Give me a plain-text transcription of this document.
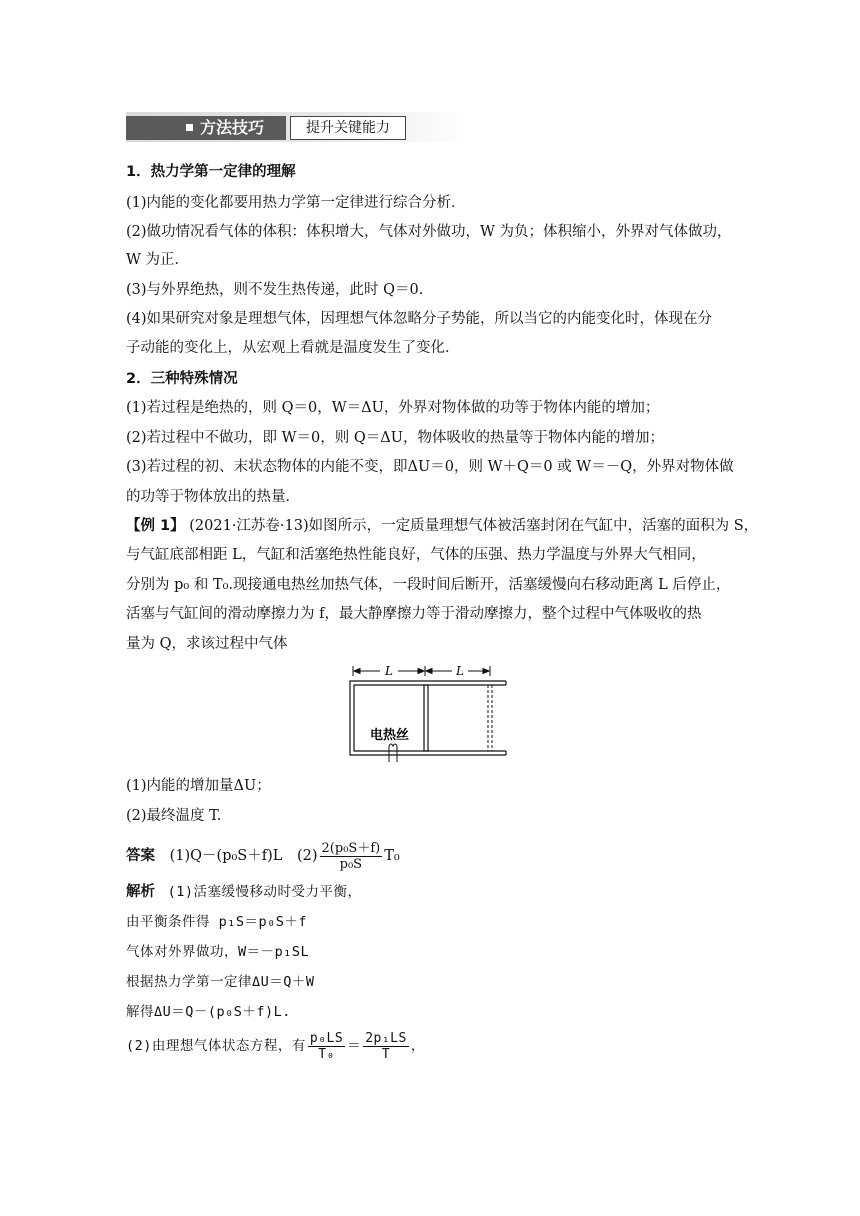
方法技巧	提升关键能力
1．热力学第一定律的理解
(1)内能的变化都要用热力学第一定律进行综合分析．
(2)做功情况看气体的体积：体积增大，气体对外做功，W 为负；体积缩小，外界对气体做功，
W 为正．
(3)与外界绝热，则不发生热传递，此时 Q＝0.
(4)如果研究对象是理想气体，因理想气体忽略分子势能，所以当它的内能变化时，体现在分
子动能的变化上，从宏观上看就是温度发生了变化．
2．三种特殊情况
(1)若过程是绝热的，则 Q＝0，W＝ΔU，外界对物体做的功等于物体内能的增加；
(2)若过程中不做功，即 W＝0，则 Q＝ΔU，物体吸收的热量等于物体内能的增加；
(3)若过程的初、末状态物体的内能不变，即ΔU＝0，则 W＋Q＝0 或 W＝－Q，外界对物体做
的功等于物体放出的热量．
【例 1】 (2021·江苏卷·13)如图所示，一定质量理想气体被活塞封闭在气缸中，活塞的面积为 S，
与气缸底部相距 L，气缸和活塞绝热性能良好，气体的压强、热力学温度与外界大气相同，
分别为 p₀ 和 T₀.现接通电热丝加热气体，一段时间后断开，活塞缓慢向右移动距离 L 后停止，
活塞与气缸间的滑动摩擦力为 f，最大静摩擦力等于滑动摩擦力，整个过程中气体吸收的热
量为 Q，求该过程中气体
L	L
电热丝
(1)内能的增加量ΔU；
(2)最终温度 T.
答案 (1)Q－(p₀S＋f)L $(2) \frac{\text{2(p₀S＋f)}}{\text{p₀S}} T_0$
解析 (1)活塞缓慢移动时受力平衡，
由平衡条件得 p₁S＝p₀S＋f
气体对外界做功，W＝－p₁SL
根据热力学第一定律ΔU＝Q＋W
解得ΔU＝Q－(p₀S＋f)L.
(2)由理想气体状态方程，有 $\frac{\text{p₀LS}}{\text{T₀}} = \frac{\text{2p₁LS}}{T}$ ，
